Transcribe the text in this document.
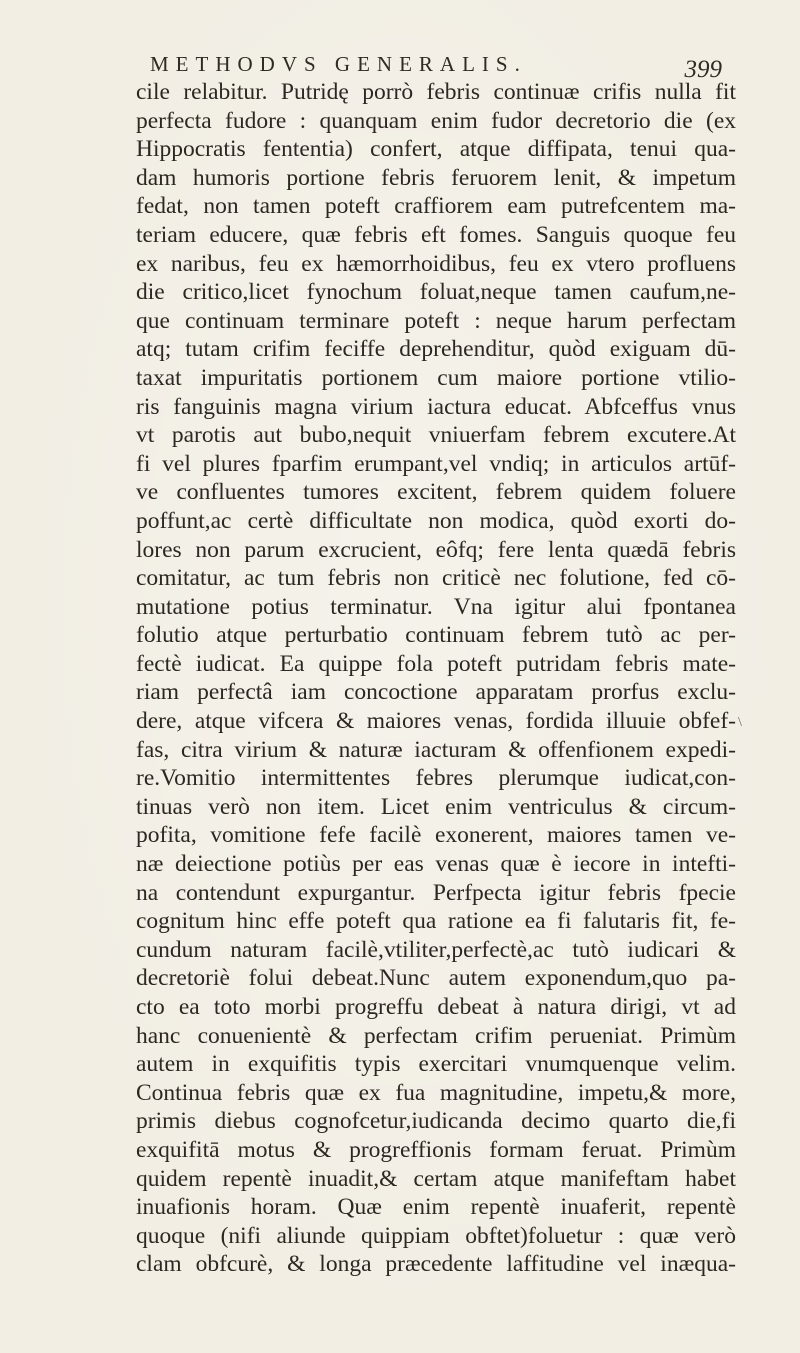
METHODVS GENERALIS.	399
cile relabitur. Putridę porrò febris continuæ crifis nulla fit
perfecta fudore : quanquam enim fudor decretorio die (ex
Hippocratis fententia) confert, atque diffipata, tenui qua-
dam humoris portione febris feruorem lenit, & impetum
fedat, non tamen poteft craffiorem eam putrefcentem ma-
teriam educere, quæ febris eft fomes. Sanguis quoque feu
ex naribus, feu ex hæmorrhoidibus, feu ex vtero profluens
die critico,licet fynochum foluat,neque tamen caufum,ne-
que continuam terminare poteft : neque harum perfectam
atq; tutam crifim feciffe deprehenditur, quòd exiguam dū-
taxat impuritatis portionem cum maiore portione vtilio-
ris fanguinis magna virium iactura educat. Abfceffus vnus
vt parotis aut bubo,nequit vniuerfam febrem excutere.At
fi vel plures fparfim erumpant,vel vndiq; in articulos artūf-
ve confluentes tumores excitent, febrem quidem foluere
poffunt,ac certè difficultate non modica, quòd exorti do-
lores non parum excrucient, eôfq; fere lenta quædā febris
comitatur, ac tum febris non criticè nec folutione, fed cō-
mutatione potius terminatur. Vna igitur alui fpontanea
folutio atque perturbatio continuam febrem tutò ac per-
fectè iudicat. Ea quippe fola poteft putridam febris mate-
riam perfectâ iam concoctione apparatam prorfus exclu-
dere, atque vifcera & maiores venas, fordida illuuie obfef-
fas, citra virium & naturæ iacturam & offenfionem expedi-
re.Vomitio intermittentes febres plerumque iudicat,con-
tinuas verò non item. Licet enim ventriculus & circum-
pofita, vomitione fefe facilè exonerent, maiores tamen ve-
næ deiectione potiùs per eas venas quæ è iecore in intefti-
na contendunt expurgantur. Perfpecta igitur febris fpecie
cognitum hinc effe poteft qua ratione ea fi falutaris fit, fe-
cundum naturam facilè,vtiliter,perfectè,ac tutò iudicari &
decretoriè folui debeat.Nunc autem exponendum,quo pa-
cto ea toto morbi progreffu debeat à natura dirigi, vt ad
hanc conuenientè & perfectam crifim perueniat. Primùm
autem in exquifitis typis exercitari vnumquenque velim.
Continua febris quæ ex fua magnitudine, impetu,& more,
primis diebus cognofcetur,iudicanda decimo quarto die,fi
exquifitā motus & progreffionis formam feruat. Primùm
quidem repentè inuadit,& certam atque manifeftam habet
inuafionis horam. Quæ enim repentè inuaferit, repentè
quoque (nifi aliunde quippiam obftet)foluetur : quæ verò
clam obfcurè, & longa præcedente laffitudine vel inæqua-
\
